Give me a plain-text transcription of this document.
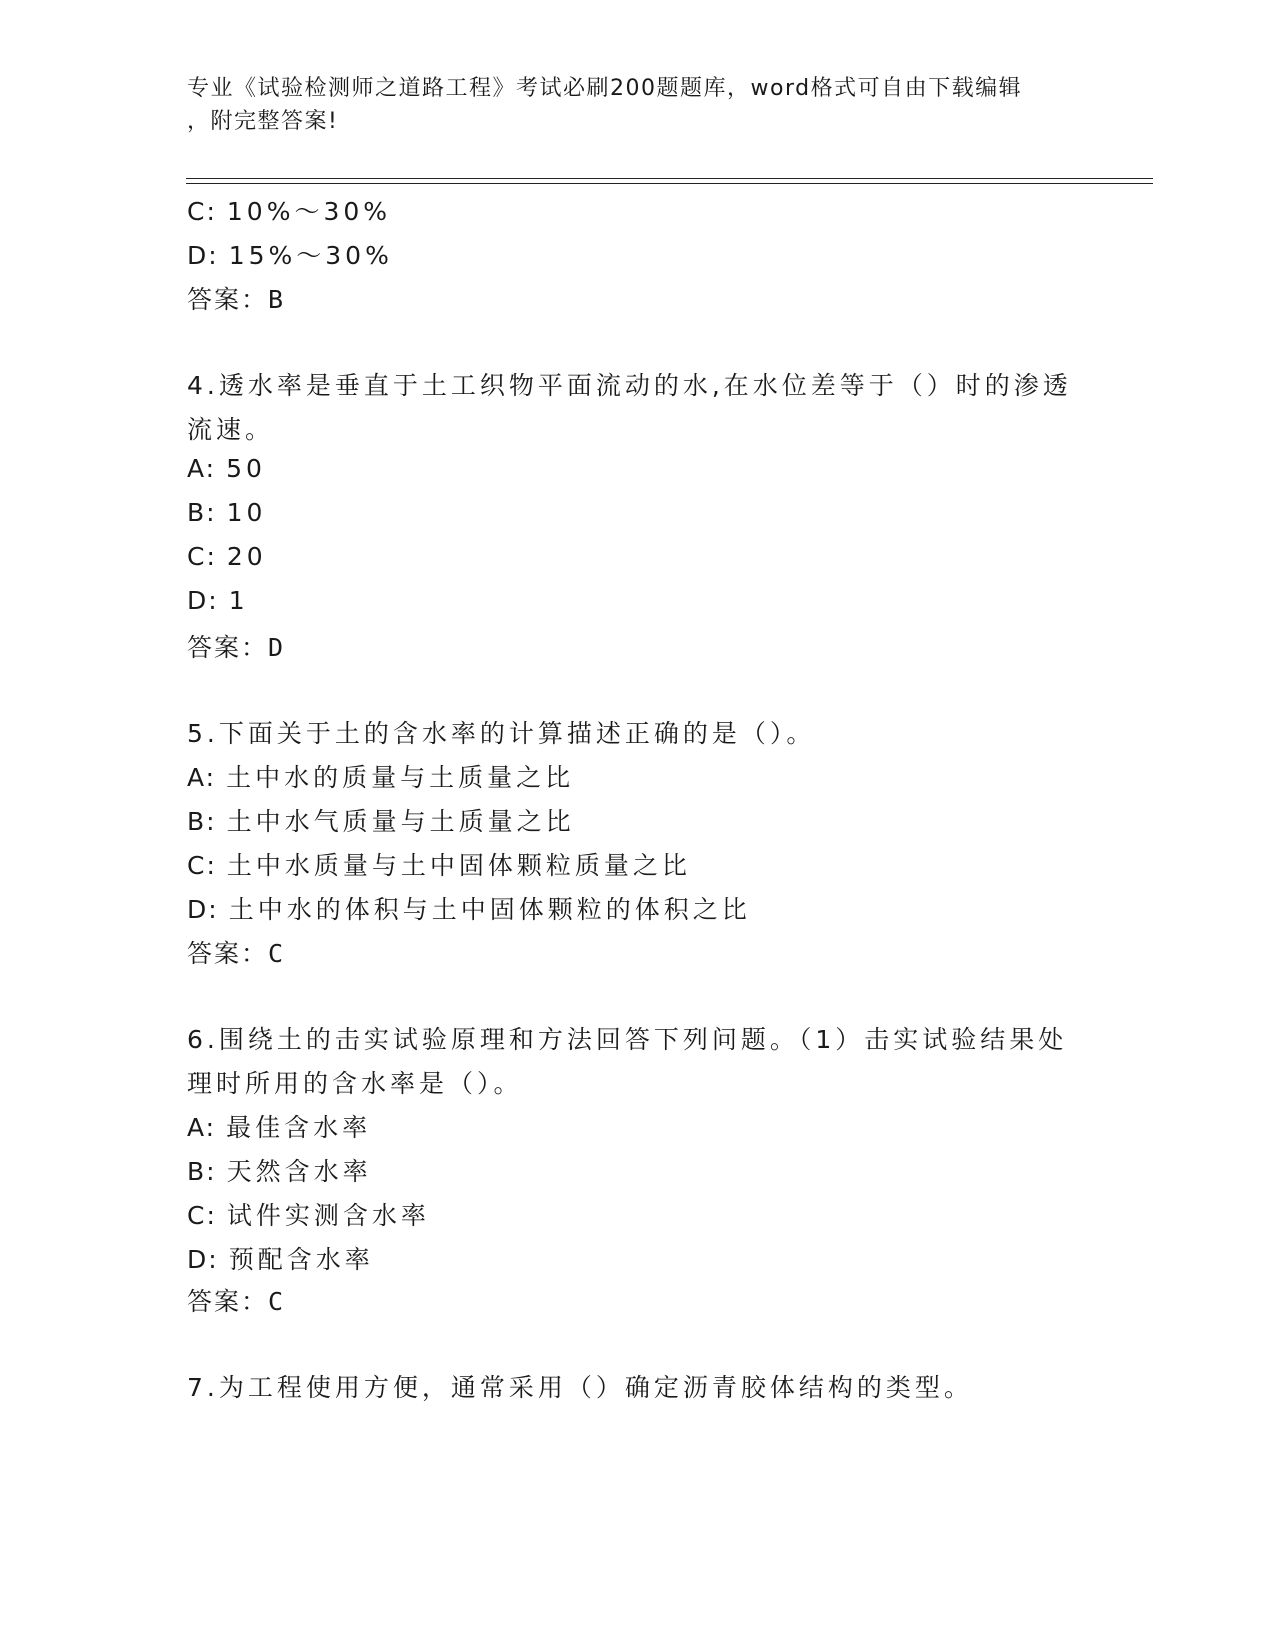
专业《试验检测师之道路工程》考试必刷200题题库，word格式可自由下载编辑
，附完整答案!
C: 10%～30%
D: 15%～30%
答案：B
4.透水率是垂直于土工织物平面流动的水,在水位差等于（）时的渗透
流速。
A: 50
B: 10
C: 20
D: 1
答案：D
5.下面关于土的含水率的计算描述正确的是（）。
A: 土中水的质量与土质量之比
B: 土中水气质量与土质量之比
C: 土中水质量与土中固体颗粒质量之比
D: 土中水的体积与土中固体颗粒的体积之比
答案：C
6.围绕土的击实试验原理和方法回答下列问题。（1）击实试验结果处
理时所用的含水率是（）。
A: 最佳含水率
B: 天然含水率
C: 试件实测含水率
D: 预配含水率
答案：C
7.为工程使用方便，通常采用（）确定沥青胶体结构的类型。
